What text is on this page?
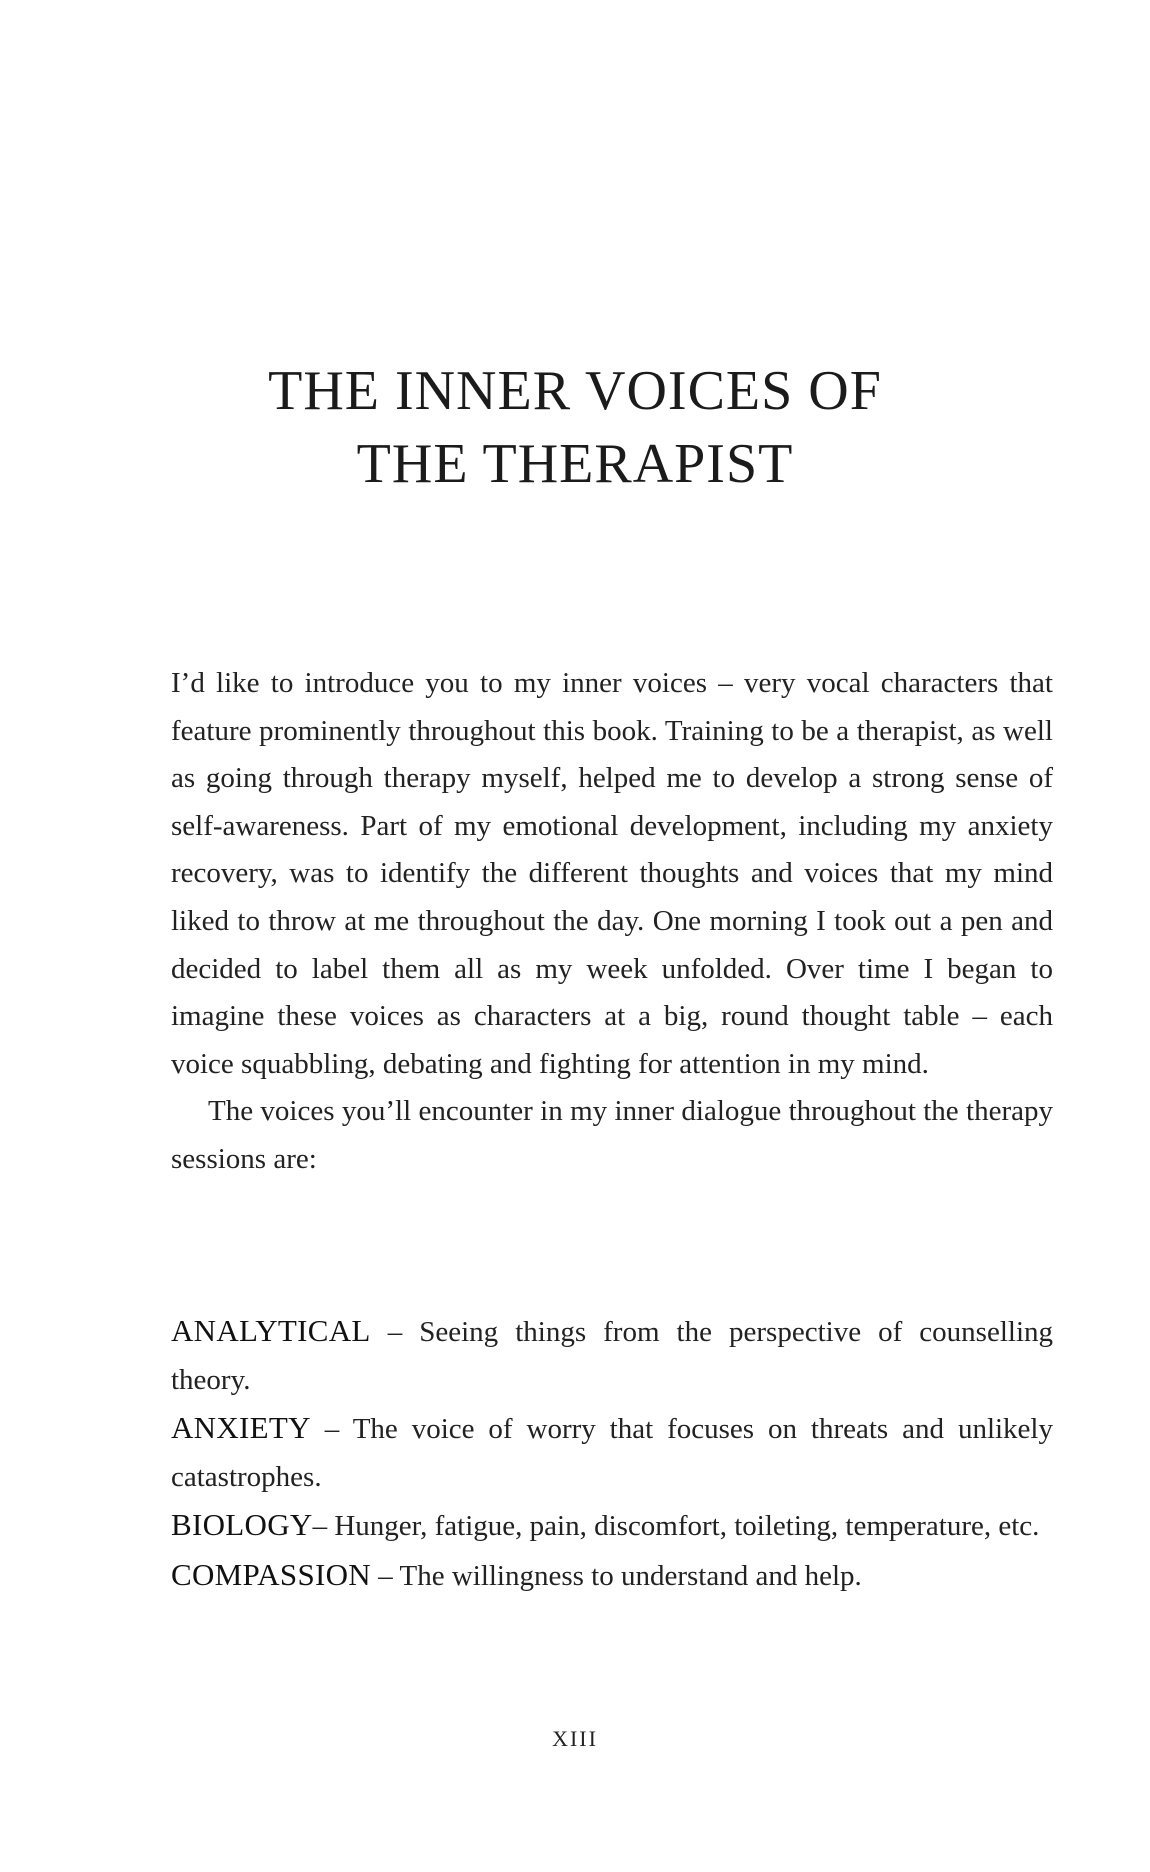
THE INNER VOICES OF
THE THERAPIST

I’d like to introduce you to my inner voices – very vocal characters that feature prominently throughout this book. Training to be a therapist, as well as going through therapy myself, helped me to develop a strong sense of self-awareness. Part of my emotional development, including my anxiety recovery, was to identify the different thoughts and voices that my mind liked to throw at me throughout the day. One morning I took out a pen and decided to label them all as my week unfolded. Over time I began to imagine these voices as characters at a big, round thought table – each voice squabbling, debating and fighting for attention in my mind.

The voices you’ll encounter in my inner dialogue throughout the therapy sessions are:

ANALYTICAL – Seeing things from the perspective of counselling theory.

ANXIETY – The voice of worry that focuses on threats and unlikely catastrophes.

BIOLOGY– Hunger, fatigue, pain, discomfort, toileting, temperature, etc.

COMPASSION – The willingness to understand and help.

XIII
